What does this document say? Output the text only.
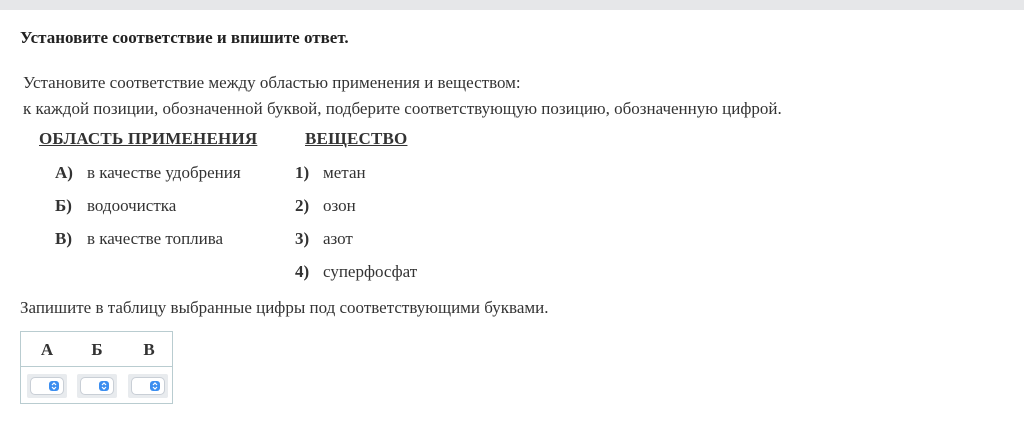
Установите соответствие и впишите ответ.
Установите соответствие между областью применения и веществом:
к каждой позиции, обозначенной буквой, подберите соответствующую позицию, обозначенную цифрой.
ОБЛАСТЬ ПРИМЕНЕНИЯ	ВЕЩЕСТВО
А) в качестве удобрения
Б) водоочистка
В) в качестве топлива
1) метан
2) озон
3) азот
4) суперфосфат
Запишите в таблицу выбранные цифры под соответствующими буквами.
А	Б	В
